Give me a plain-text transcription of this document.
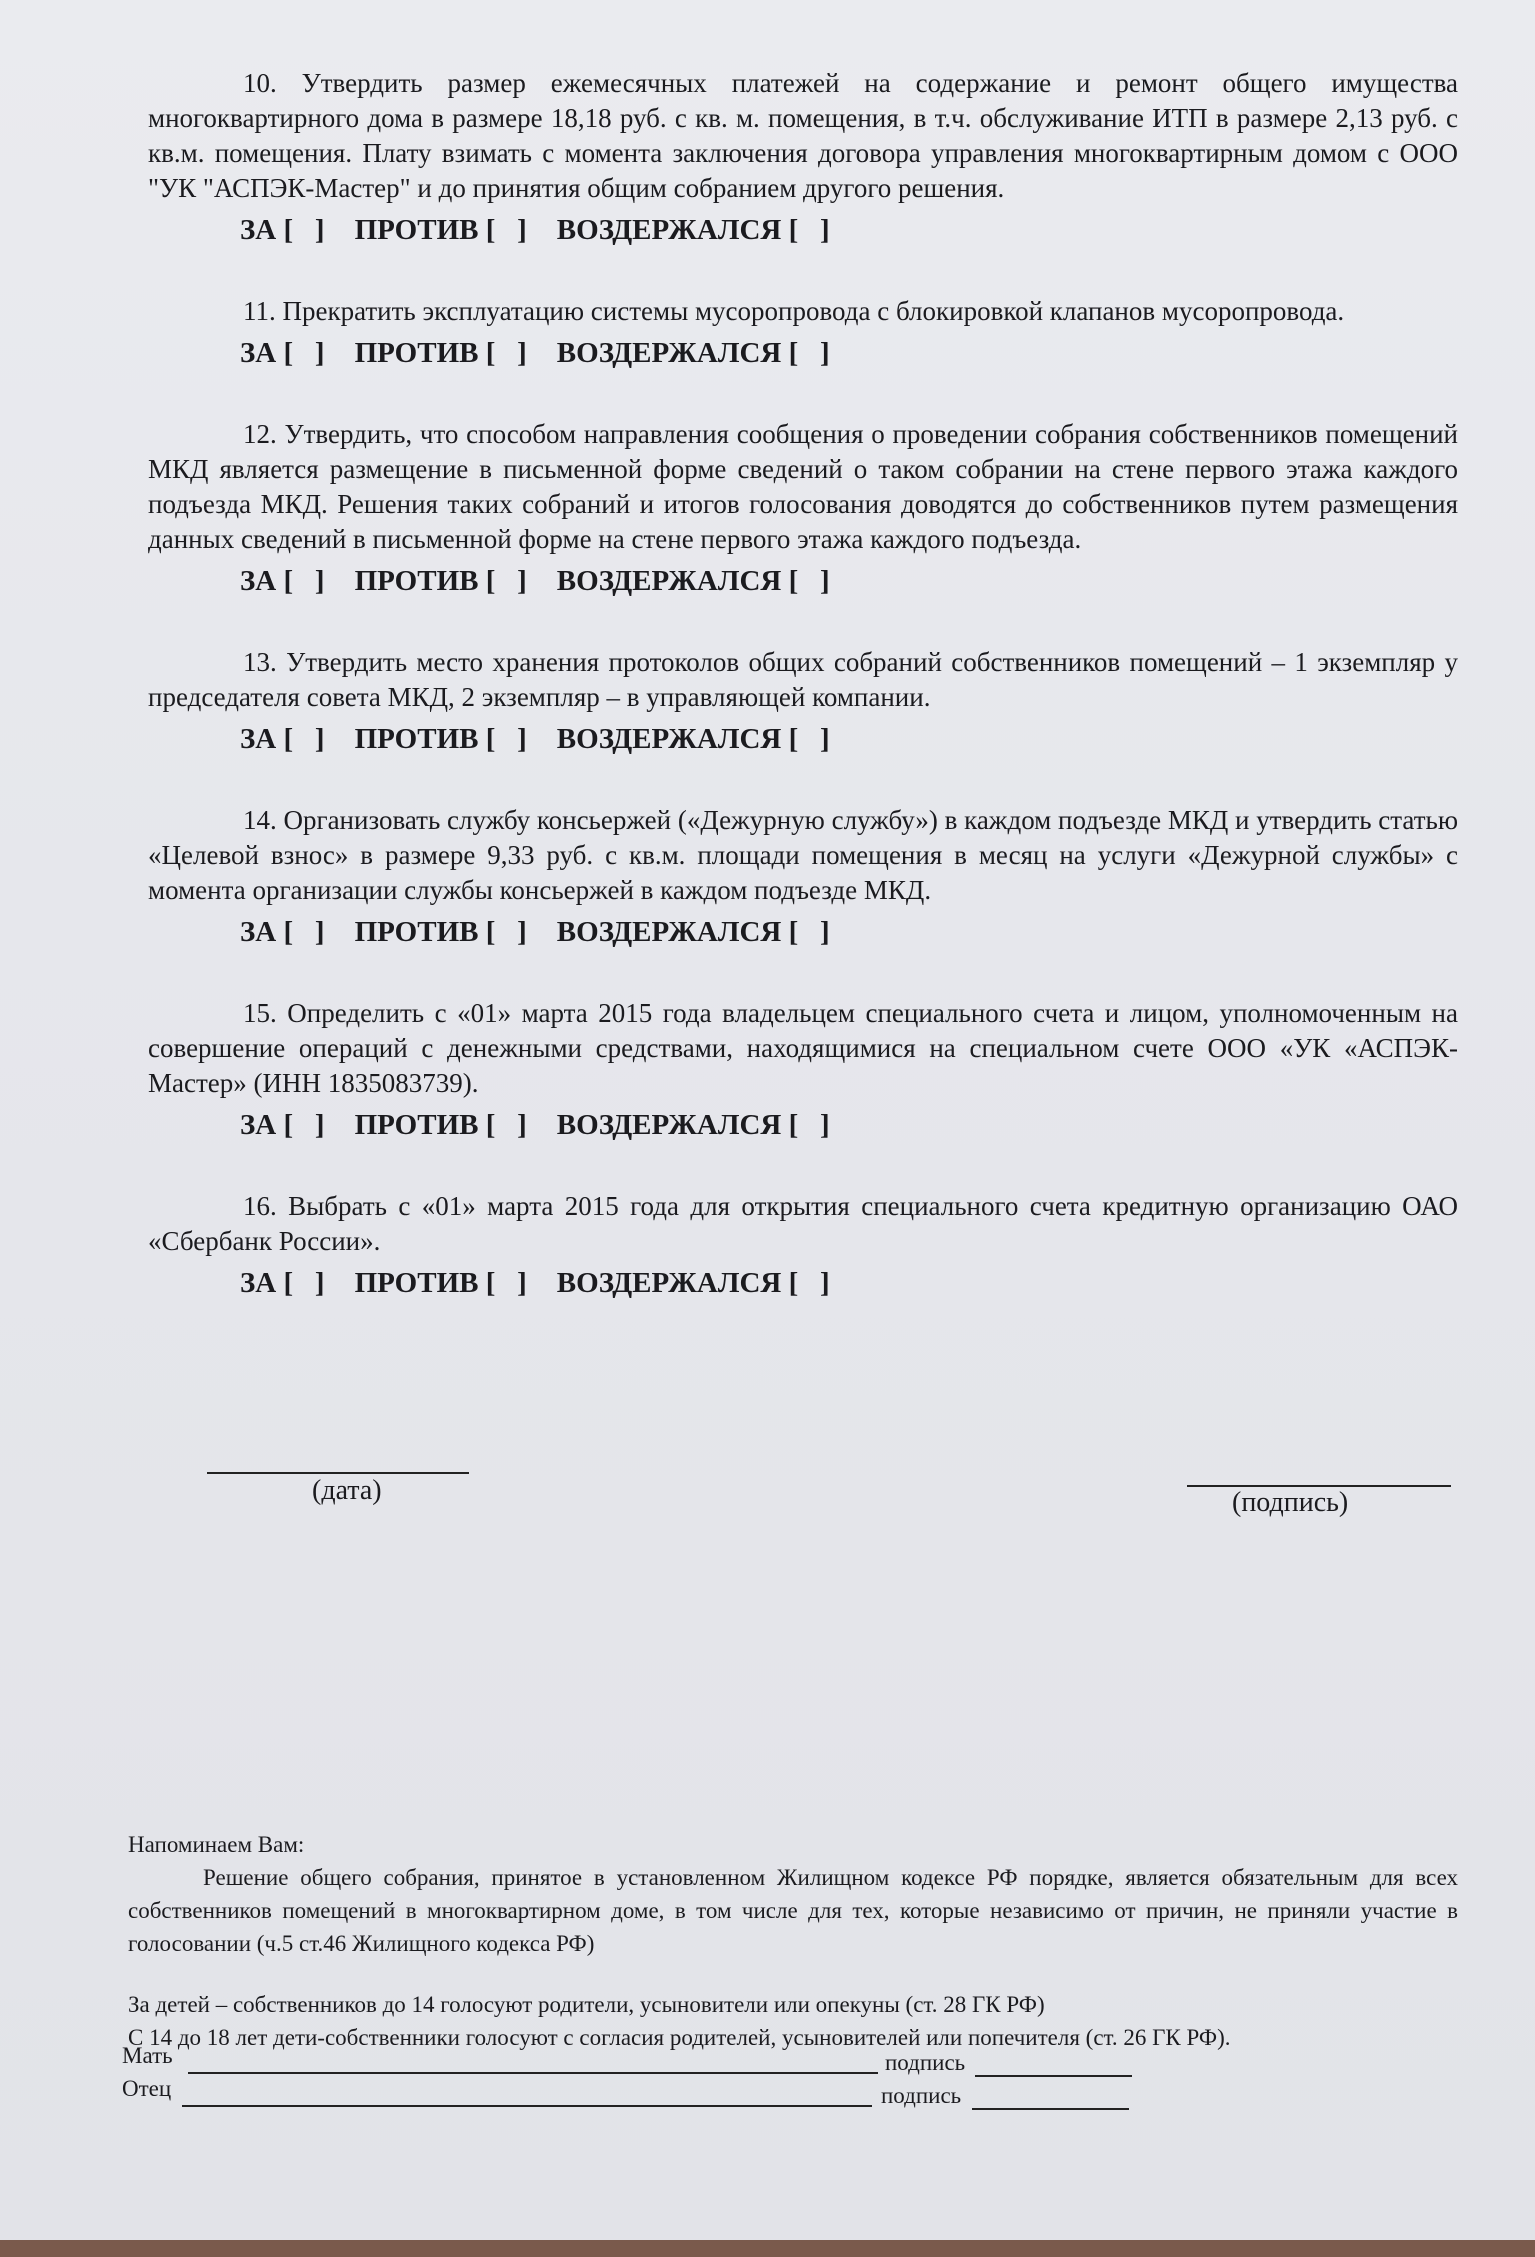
10. Утвердить размер ежемесячных платежей на содержание и ремонт общего имущества многоквартирного дома в размере 18,18 руб. с кв. м. помещения, в т.ч. обслуживание ИТП в размере 2,13 руб. с кв.м. помещения. Плату взимать с момента заключения договора управления многоквартирным домом с ООО "УК "АСПЭК-Мастер" и до принятия общим собранием другого решения.

ЗА [   ] ПРОТИВ [   ] ВОЗДЕРЖАЛСЯ [   ]

11. Прекратить эксплуатацию системы мусоропровода с блокировкой клапанов мусоропровода.

ЗА [   ] ПРОТИВ [   ] ВОЗДЕРЖАЛСЯ [   ]

12. Утвердить, что способом направления сообщения о проведении собрания собственников помещений МКД является размещение в письменной форме сведений о таком собрании на стене первого этажа каждого подъезда МКД. Решения таких собраний и итогов голосования доводятся до собственников путем размещения данных сведений в письменной форме на стене первого этажа каждого подъезда.

ЗА [   ] ПРОТИВ [   ] ВОЗДЕРЖАЛСЯ [   ]

13. Утвердить место хранения протоколов общих собраний собственников помещений – 1 экземпляр у председателя совета МКД, 2 экземпляр – в управляющей компании.

ЗА [   ] ПРОТИВ [   ] ВОЗДЕРЖАЛСЯ [   ]

14. Организовать службу консьержей («Дежурную службу») в каждом подъезде МКД и утвердить статью «Целевой взнос» в размере 9,33 руб. с кв.м. площади помещения в месяц на услуги «Дежурной службы» с момента организации службы консьержей в каждом подъезде МКД.

ЗА [   ] ПРОТИВ [   ] ВОЗДЕРЖАЛСЯ [   ]

15. Определить с «01» марта 2015 года владельцем специального счета и лицом, уполномоченным на совершение операций с денежными средствами, находящимися на специальном счете ООО «УК «АСПЭК-Мастер» (ИНН 1835083739).

ЗА [   ] ПРОТИВ [   ] ВОЗДЕРЖАЛСЯ [   ]

16. Выбрать с «01» марта 2015 года для открытия специального счета кредитную организацию ОАО «Сбербанк России».

ЗА [   ] ПРОТИВ [   ] ВОЗДЕРЖАЛСЯ [   ]
(дата)	(подпись)

Напоминаем Вам:

Решение общего собрания, принятое в установленном Жилищном кодексе РФ порядке, является обязательным для всех собственников помещений в многоквартирном доме, в том числе для тех, которые независимо от причин, не приняли участие в голосовании (ч.5 ст.46 Жилищного кодекса РФ)

За детей – собственников до 14 голосуют родители, усыновители или опекуны (ст. 28 ГК РФ)

С 14 до 18 лет дети-собственники голосуют с согласия родителей, усыновителей или попечителя (ст. 26 ГК РФ).

Мать	подпись
Отец	подпись
